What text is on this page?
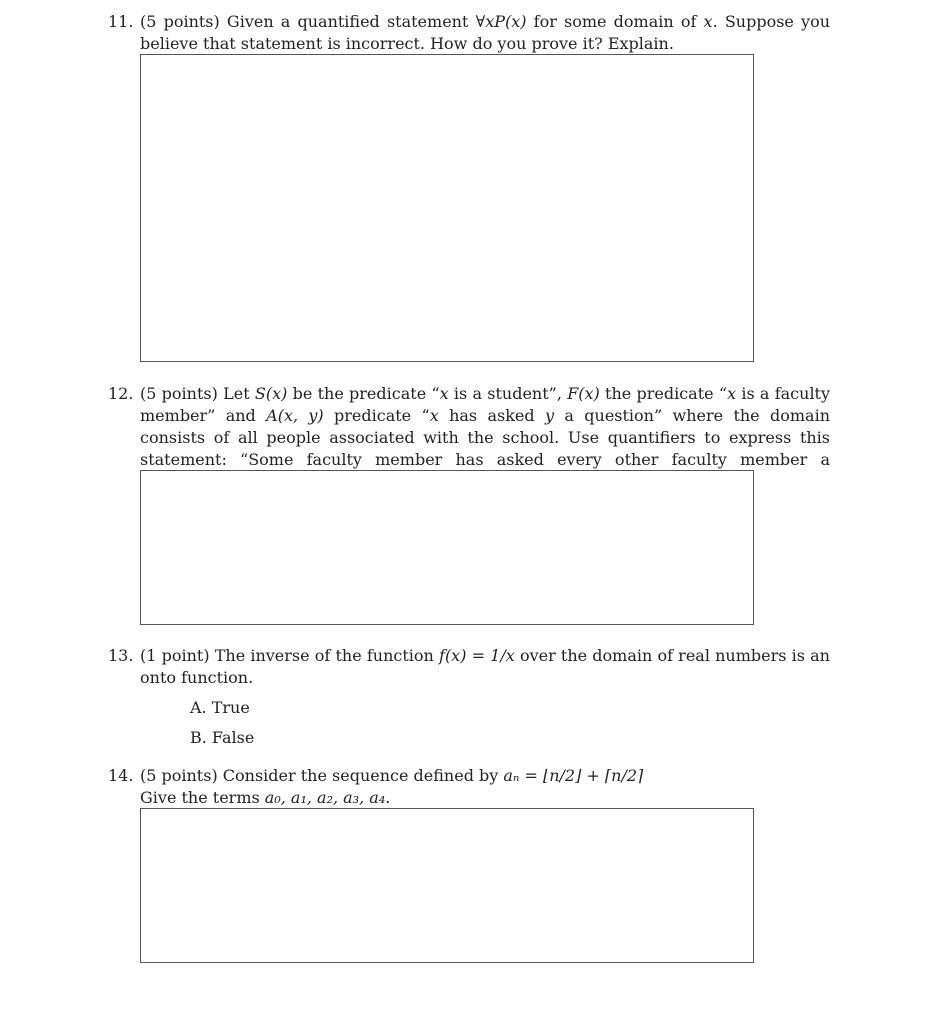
11. (5 points) Given a quantified statement ∀xP(x) for some domain of x. Suppose you believe that statement is incorrect. How do you prove it? Explain.
12. (5 points) Let S(x) be the predicate “x is a student”, F(x) the predicate “x is a faculty member” and A(x, y) predicate “x has asked y a question” where the domain consists of all people associated with the school. Use quantifiers to express this statement: “Some faculty member has asked every other faculty member a
13. (1 point) The inverse of the function f(x) = 1/x over the domain of real numbers is an onto function.
A. True
B. False
14. (5 points) Consider the sequence defined by aₙ = ⌊n/2⌋ + ⌈n/2⌉
Give the terms a₀, a₁, a₂, a₃, a₄.
